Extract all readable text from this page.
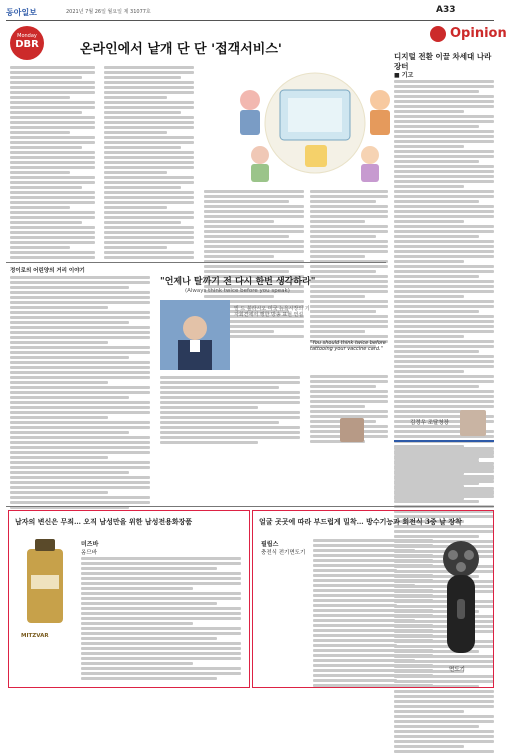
동아일보	2021년 7월 26일 월요일 제 31077호	A33
Opinion
Monday
DBR	온라인에서 낱개 단 단 '접객서비스'	디지털 전환 이끌 차세대 나라장터
■ 기고
김정우 조달청장
정이로의 어린양의 거리 이야기
"언제나 탈까기 전 다시 한번 생각하라"
(Always think twice before you speak)
빌 드 블라시오 미국 뉴욕시장의 기자회견에서 행한 방송 표현 연설
"You should think twice before tattooing your vaccine card."
남자의 변신은 무죄… 오직 남성만을 위한 남성전용화장품
MITZVAR
미즈바
옴므바
얼굴 곳곳에 따라 부드럽게 밀착… 방수기능과 회전식 3중 날 장착
필립스
충전식 전기면도기
면도기
